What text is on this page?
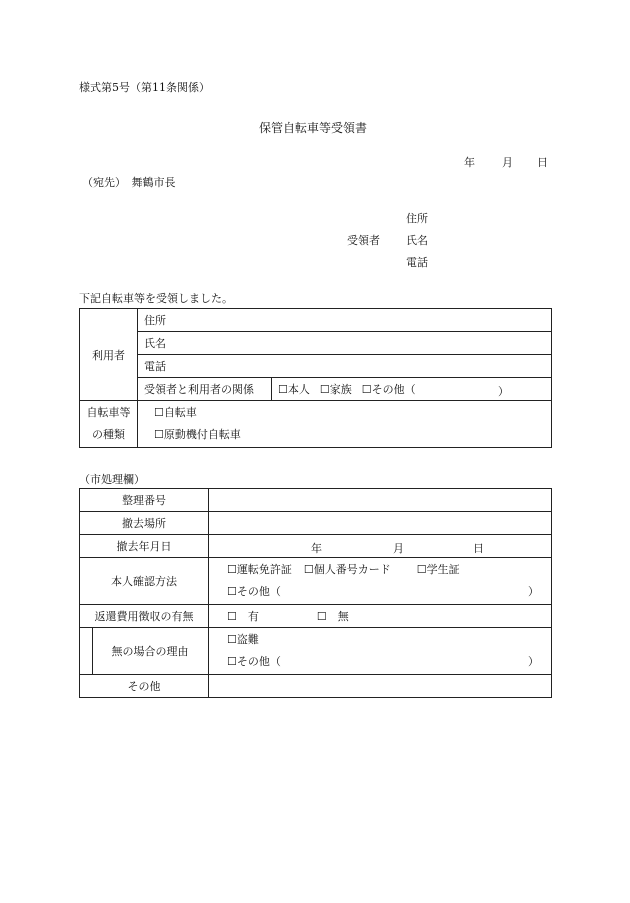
様式第5号（第11条関係）
保管自転車等受領書
年 月 日
（宛先）　舞鶴市長
住所
受領者 氏名
電話
下記自転車等を受領しました。
利用者	住所	
	氏名	
	電話	
	受領者と利用者の関係	☐本人 ☐家族 ☐その他（ ）

自転車等
の種類	☐自転車
☐原動機付自転車	
（市処理欄）
整理番号	
撤去場所	
撤去年月日	年 月 日

本人確認方法	☐運転免許証 ☐個人番号カード ☐学生証
☐その他（ ）

返還費用徴収の有無	☐　有 ☐　無

無の場合の理由	☐盗難
☐その他（ ）

その他	
